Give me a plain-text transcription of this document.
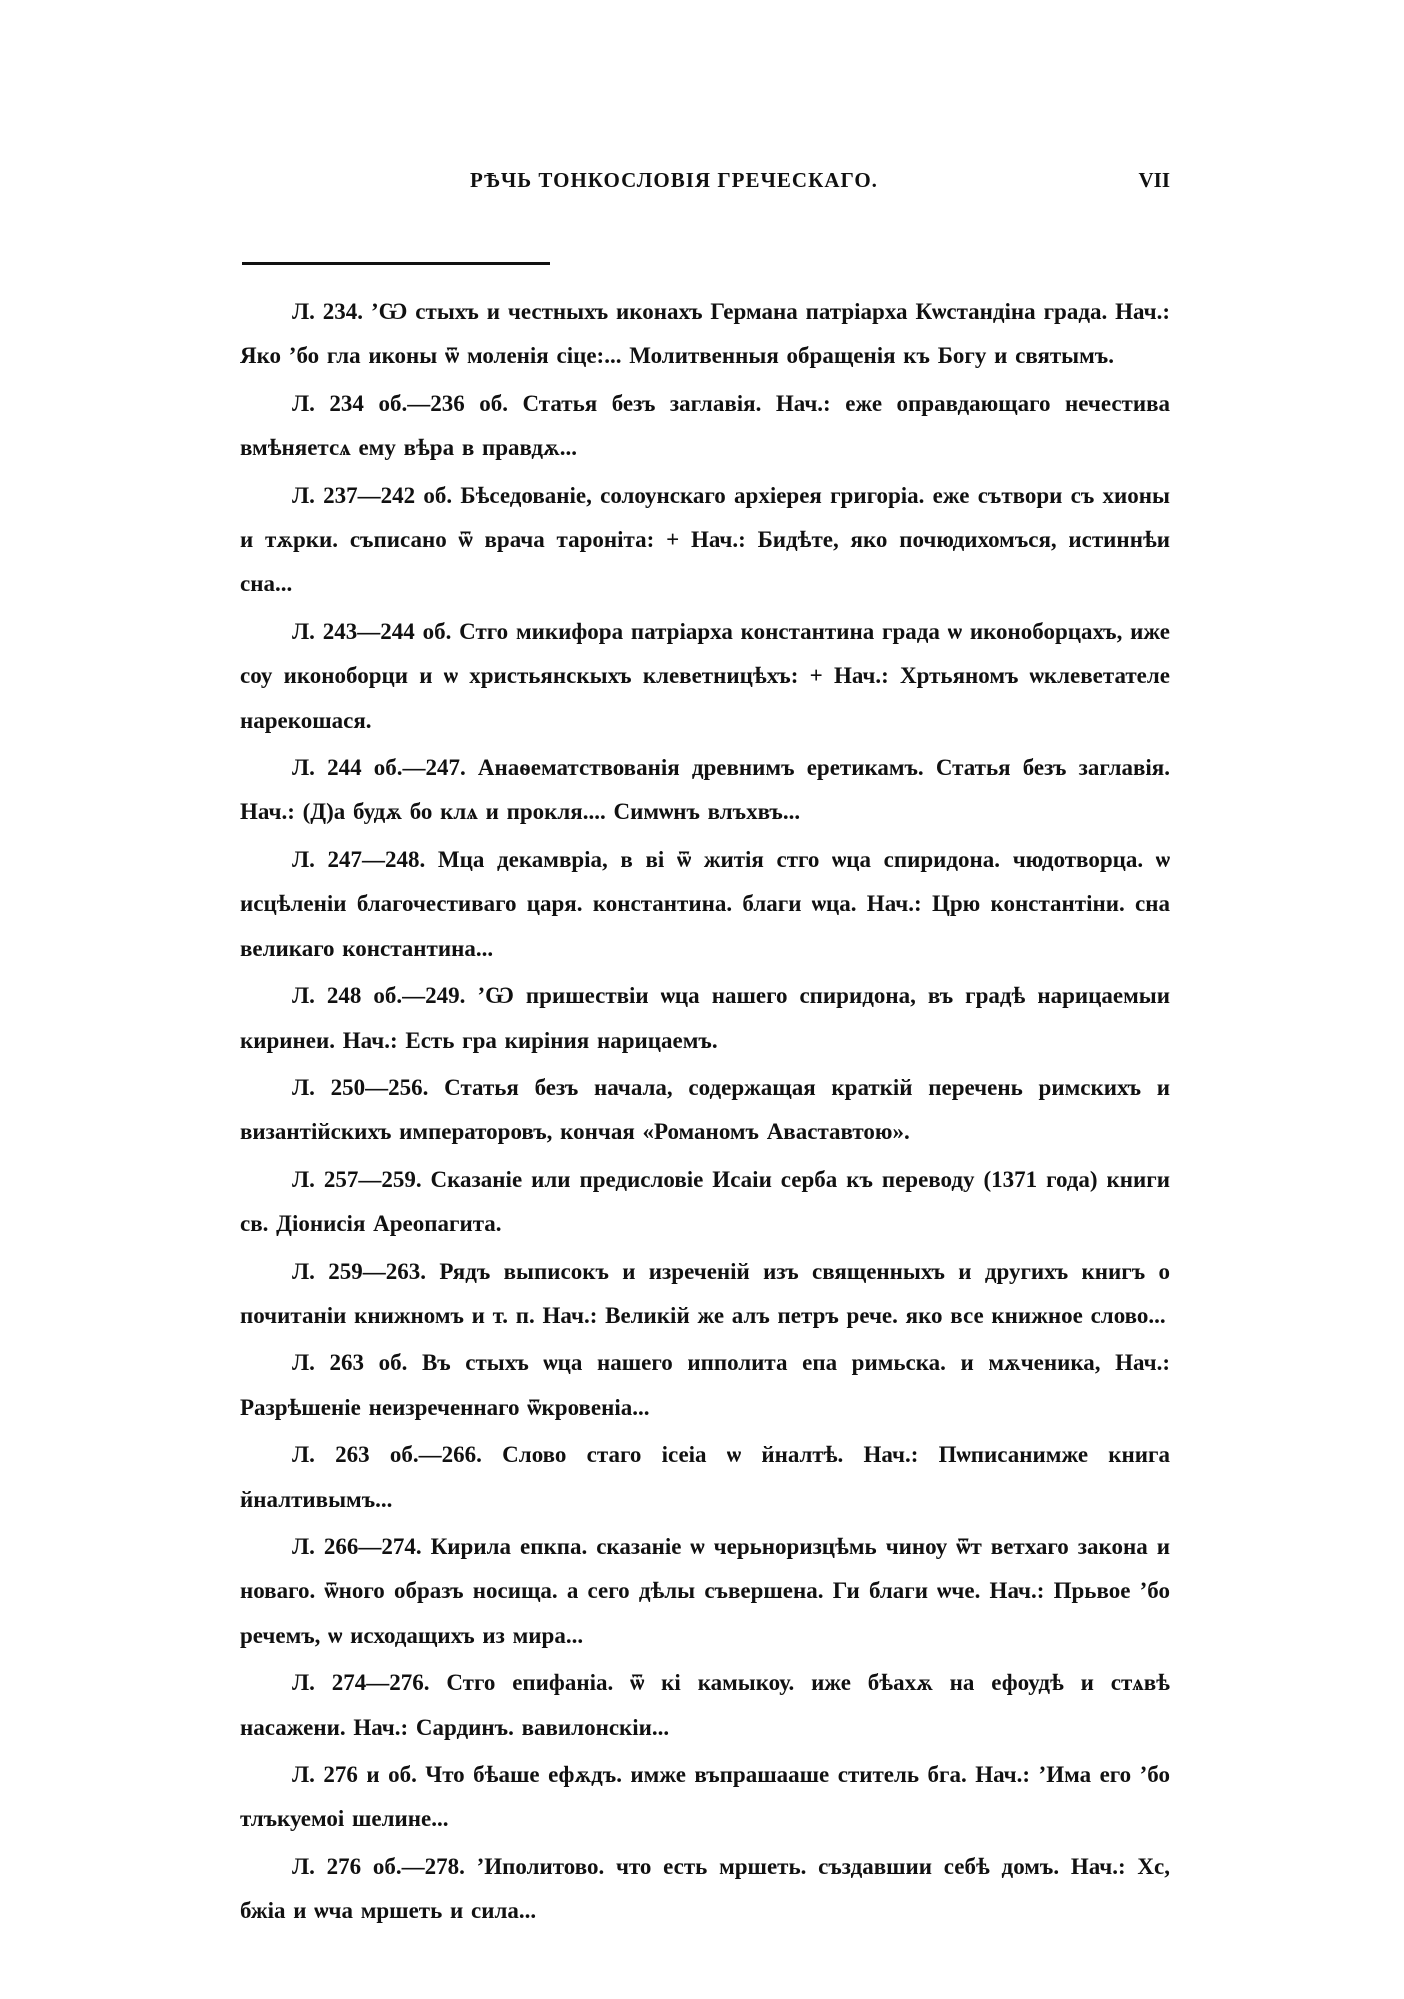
РѢЧЬ ТОНКОСЛОВІЯ ГРЕЧЕСКАГО.	VII

Л. 234. ʼѠ стыхъ и честныхъ иконахъ Германа патріарха Кѡстандіна града. Нач.: Яко ʼбо гла иконы ѿ моленія сіце:... Молитвенныя обращенія къ Богу и святымъ.

Л. 234 об.—236 об. Статья безъ заглавія. Нач.: еже оправдающаго нечестива вмѣняетсѧ ему вѣра в правдѫ...

Л. 237—242 об. Бѣседованіе, солоунскаго архіерея григоріа. еже сътвори съ хионы и тѫрки. съписано ѿ врача тароніта: + Нач.: Бидѣте, яко почюдихомъся, истиннѣи сна...

Л. 243—244 об. Стго микифора патріарха константина града ѡ иконоборцахъ, иже соу иконоборци и ѡ христьянскыхъ клеветницѣхъ: + Нач.: Хртьяномъ ѡклеветателе нарекошася.

Л. 244 об.—247. Анаѳематствованія древнимъ еретикамъ. Статья безъ заглавія. Нач.: (Д)а будѫ бо клѧ и прокля.... Симѡнъ влъхвъ...

Л. 247—248. Мца декамвріа, в ві ѿ житія стго ѡца спиридона. чюдотворца. ѡ исцѣленіи благочестиваго царя. константина. благи ѡца. Нач.: Црю константіни. сна великаго константина...

Л. 248 об.—249. ʼѠ пришествіи ѡца нашего спиридона, въ градѣ нарицаемыи киринеи. Нач.: Есть гра киріния нарицаемъ.

Л. 250—256. Статья безъ начала, содержащая краткій перечень римскихъ и византійскихъ императоровъ, кончая «Романомъ Аваставтою».

Л. 257—259. Сказаніе или предисловіе Исаіи серба къ переводу (1371 года) книги св. Діонисія Ареопагита.

Л. 259—263. Рядъ выписокъ и изреченій изъ священныхъ и другихъ книгъ о почитаніи книжномъ и т. п. Нач.: Великій же алъ петръ рече. яко все книжное слово...

Л. 263 об. Въ стыхъ ѡца нашего ипполита епа римьска. и мѫченика, Нач.: Разрѣшеніе неизреченнаго ѿкровеніа...

Л. 263 об.—266. Слово стаго ісеіа ѡ йналтѣ. Нач.: Пѡписанимже книга йналтивымъ...

Л. 266—274. Кирила епкпа. сказаніе ѡ черьноризцѣмь чиноу ѿт ветхаго закона и новаго. ѿного образъ носища. а сего дѣлы съвершена. Ги благи ѡче. Нач.: Прьвое ʼбо речемъ, ѡ исходащихъ из мира...

Л. 274—276. Стго епифаніа. ѿ кі камыкоу. иже бѣахѫ на ефоудѣ и стѧвѣ насажени. Нач.: Сардинъ. вавилонскіи...

Л. 276 и об. Что бѣаше ефѫдъ. имже въпрашааше ститель бга. Нач.: ʼИма его ʼбо тлъкуемоі шелине...

Л. 276 об.—278. ʼИполитово. что есть мршеть. създавшии себѣ домъ. Нач.: Хс, бжіа и ѡча мршеть и сила...
